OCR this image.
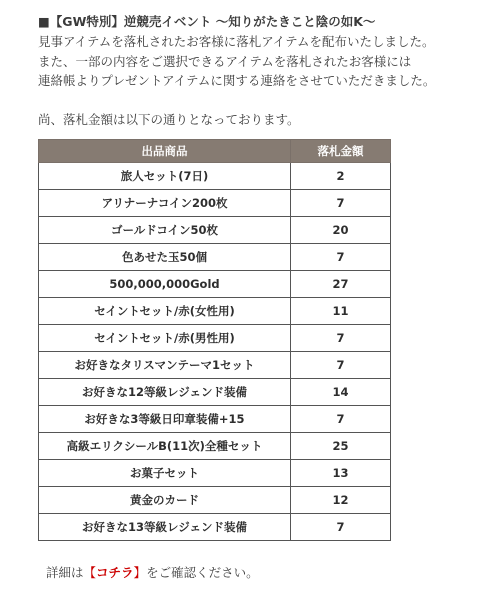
■【GW特別】逆競売イベント 〜知りがたきこと陰の如K〜

見事アイテムを落札されたお客様に落札アイテムを配布いたしました。

また、一部の内容をご選択できるアイテムを落札されたお客様には

連絡帳よりプレゼントアイテムに関する連絡をさせていただきました。

尚、落札金額は以下の通りとなっております。

出品商品	落札金額
旅人セット(7日)	2
アリナーナコイン200枚	7
ゴールドコイン50枚	20
色あせた玉50個	7
500,000,000Gold	27
セイントセット/赤(女性用)	11
セイントセット/赤(男性用)	7
お好きなタリスマンテーマ1セット	7
お好きな12等級レジェンド装備	14
お好きな3等級日印章装備+15	7
高級エリクシールB(11次)全種セット	25
お菓子セット	13
黄金のカード	12
お好きな13等級レジェンド装備	7
詳細は【コチラ】をご確認ください。
